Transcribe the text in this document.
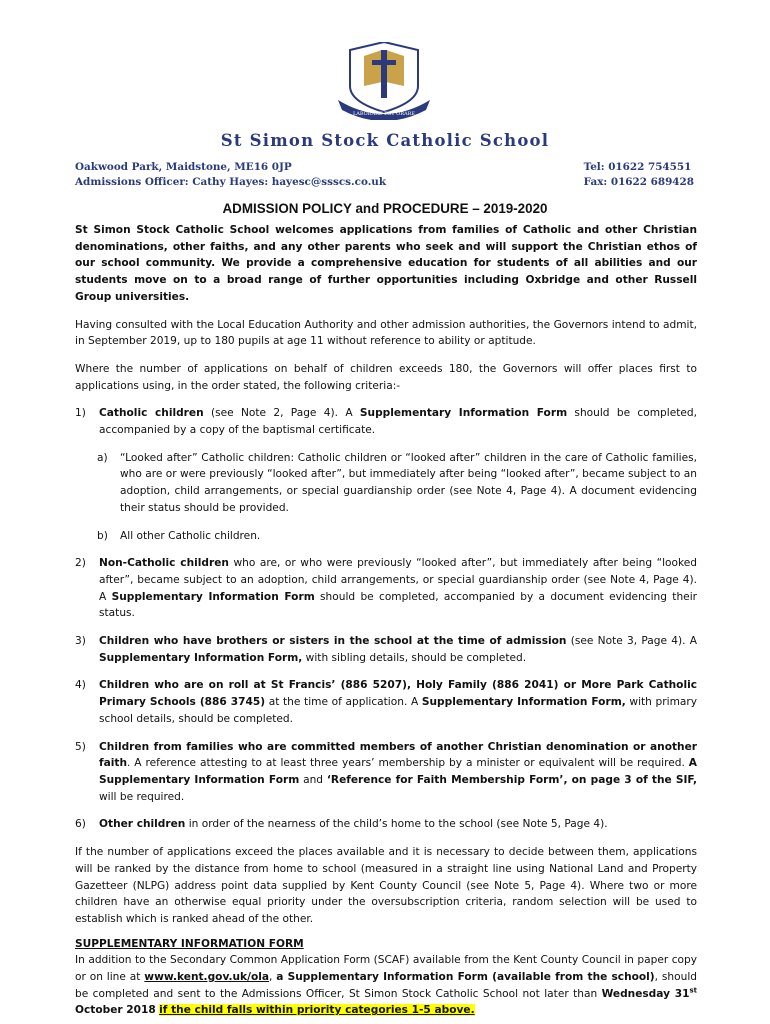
LABORARE EST ORARE
St Simon Stock Catholic School
Oakwood Park, Maidstone, ME16 0JP
Admissions Officer: Cathy Hayes: hayesc@ssscs.co.uk
Tel: 01622 754551
Fax: 01622 689428
ADMISSION POLICY and PROCEDURE – 2019-2020

St Simon Stock Catholic School welcomes applications from families of Catholic and other Christian denominations, other faiths, and any other parents who seek and will support the Christian ethos of our school community. We provide a comprehensive education for students of all abilities and our students move on to a broad range of further opportunities including Oxbridge and other Russell Group universities.

Having consulted with the Local Education Authority and other admission authorities, the Governors intend to admit, in September 2019, up to 180 pupils at age 11 without reference to ability or aptitude.

Where the number of applications on behalf of children exceeds 180, the Governors will offer places first to applications using, in the order stated, the following criteria:-

1) Catholic children (see Note 2, Page 4). A Supplementary Information Form should be completed, accompanied by a copy of the baptismal certificate.
a) “Looked after” Catholic children: Catholic children or “looked after” children in the care of Catholic families, who are or were previously “looked after”, but immediately after being “looked after”, became subject to an adoption, child arrangements, or special guardianship order (see Note 4, Page 4). A document evidencing their status should be provided.
b) All other Catholic children.
2) Non-Catholic children who are, or who were previously “looked after”, but immediately after being “looked after”, became subject to an adoption, child arrangements, or special guardianship order (see Note 4, Page 4). A Supplementary Information Form should be completed, accompanied by a document evidencing their status.
3) Children who have brothers or sisters in the school at the time of admission (see Note 3, Page 4). A Supplementary Information Form, with sibling details, should be completed.
4) Children who are on roll at St Francis’ (886 5207), Holy Family (886 2041) or More Park Catholic Primary Schools (886 3745) at the time of application. A Supplementary Information Form, with primary school details, should be completed.
5) Children from families who are committed members of another Christian denomination or another faith. A reference attesting to at least three years’ membership by a minister or equivalent will be required. A Supplementary Information Form and ‘Reference for Faith Membership Form’, on page 3 of the SIF, will be required.
6) Other children in order of the nearness of the child’s home to the school (see Note 5, Page 4).

If the number of applications exceed the places available and it is necessary to decide between them, applications will be ranked by the distance from home to school (measured in a straight line using National Land and Property Gazetteer (NLPG) address point data supplied by Kent County Council (see Note 5, Page 4). Where two or more children have an otherwise equal priority under the oversubscription criteria, random selection will be used to establish which is ranked ahead of the other.

SUPPLEMENTARY INFORMATION FORM

In addition to the Secondary Common Application Form (SCAF) available from the Kent County Council in paper copy or on line at www.kent.gov.uk/ola, a Supplementary Information Form (available from the school), should be completed and sent to the Admissions Officer, St Simon Stock Catholic School not later than Wednesday 31st October 2018 if the child falls within priority categories 1-5 above.
